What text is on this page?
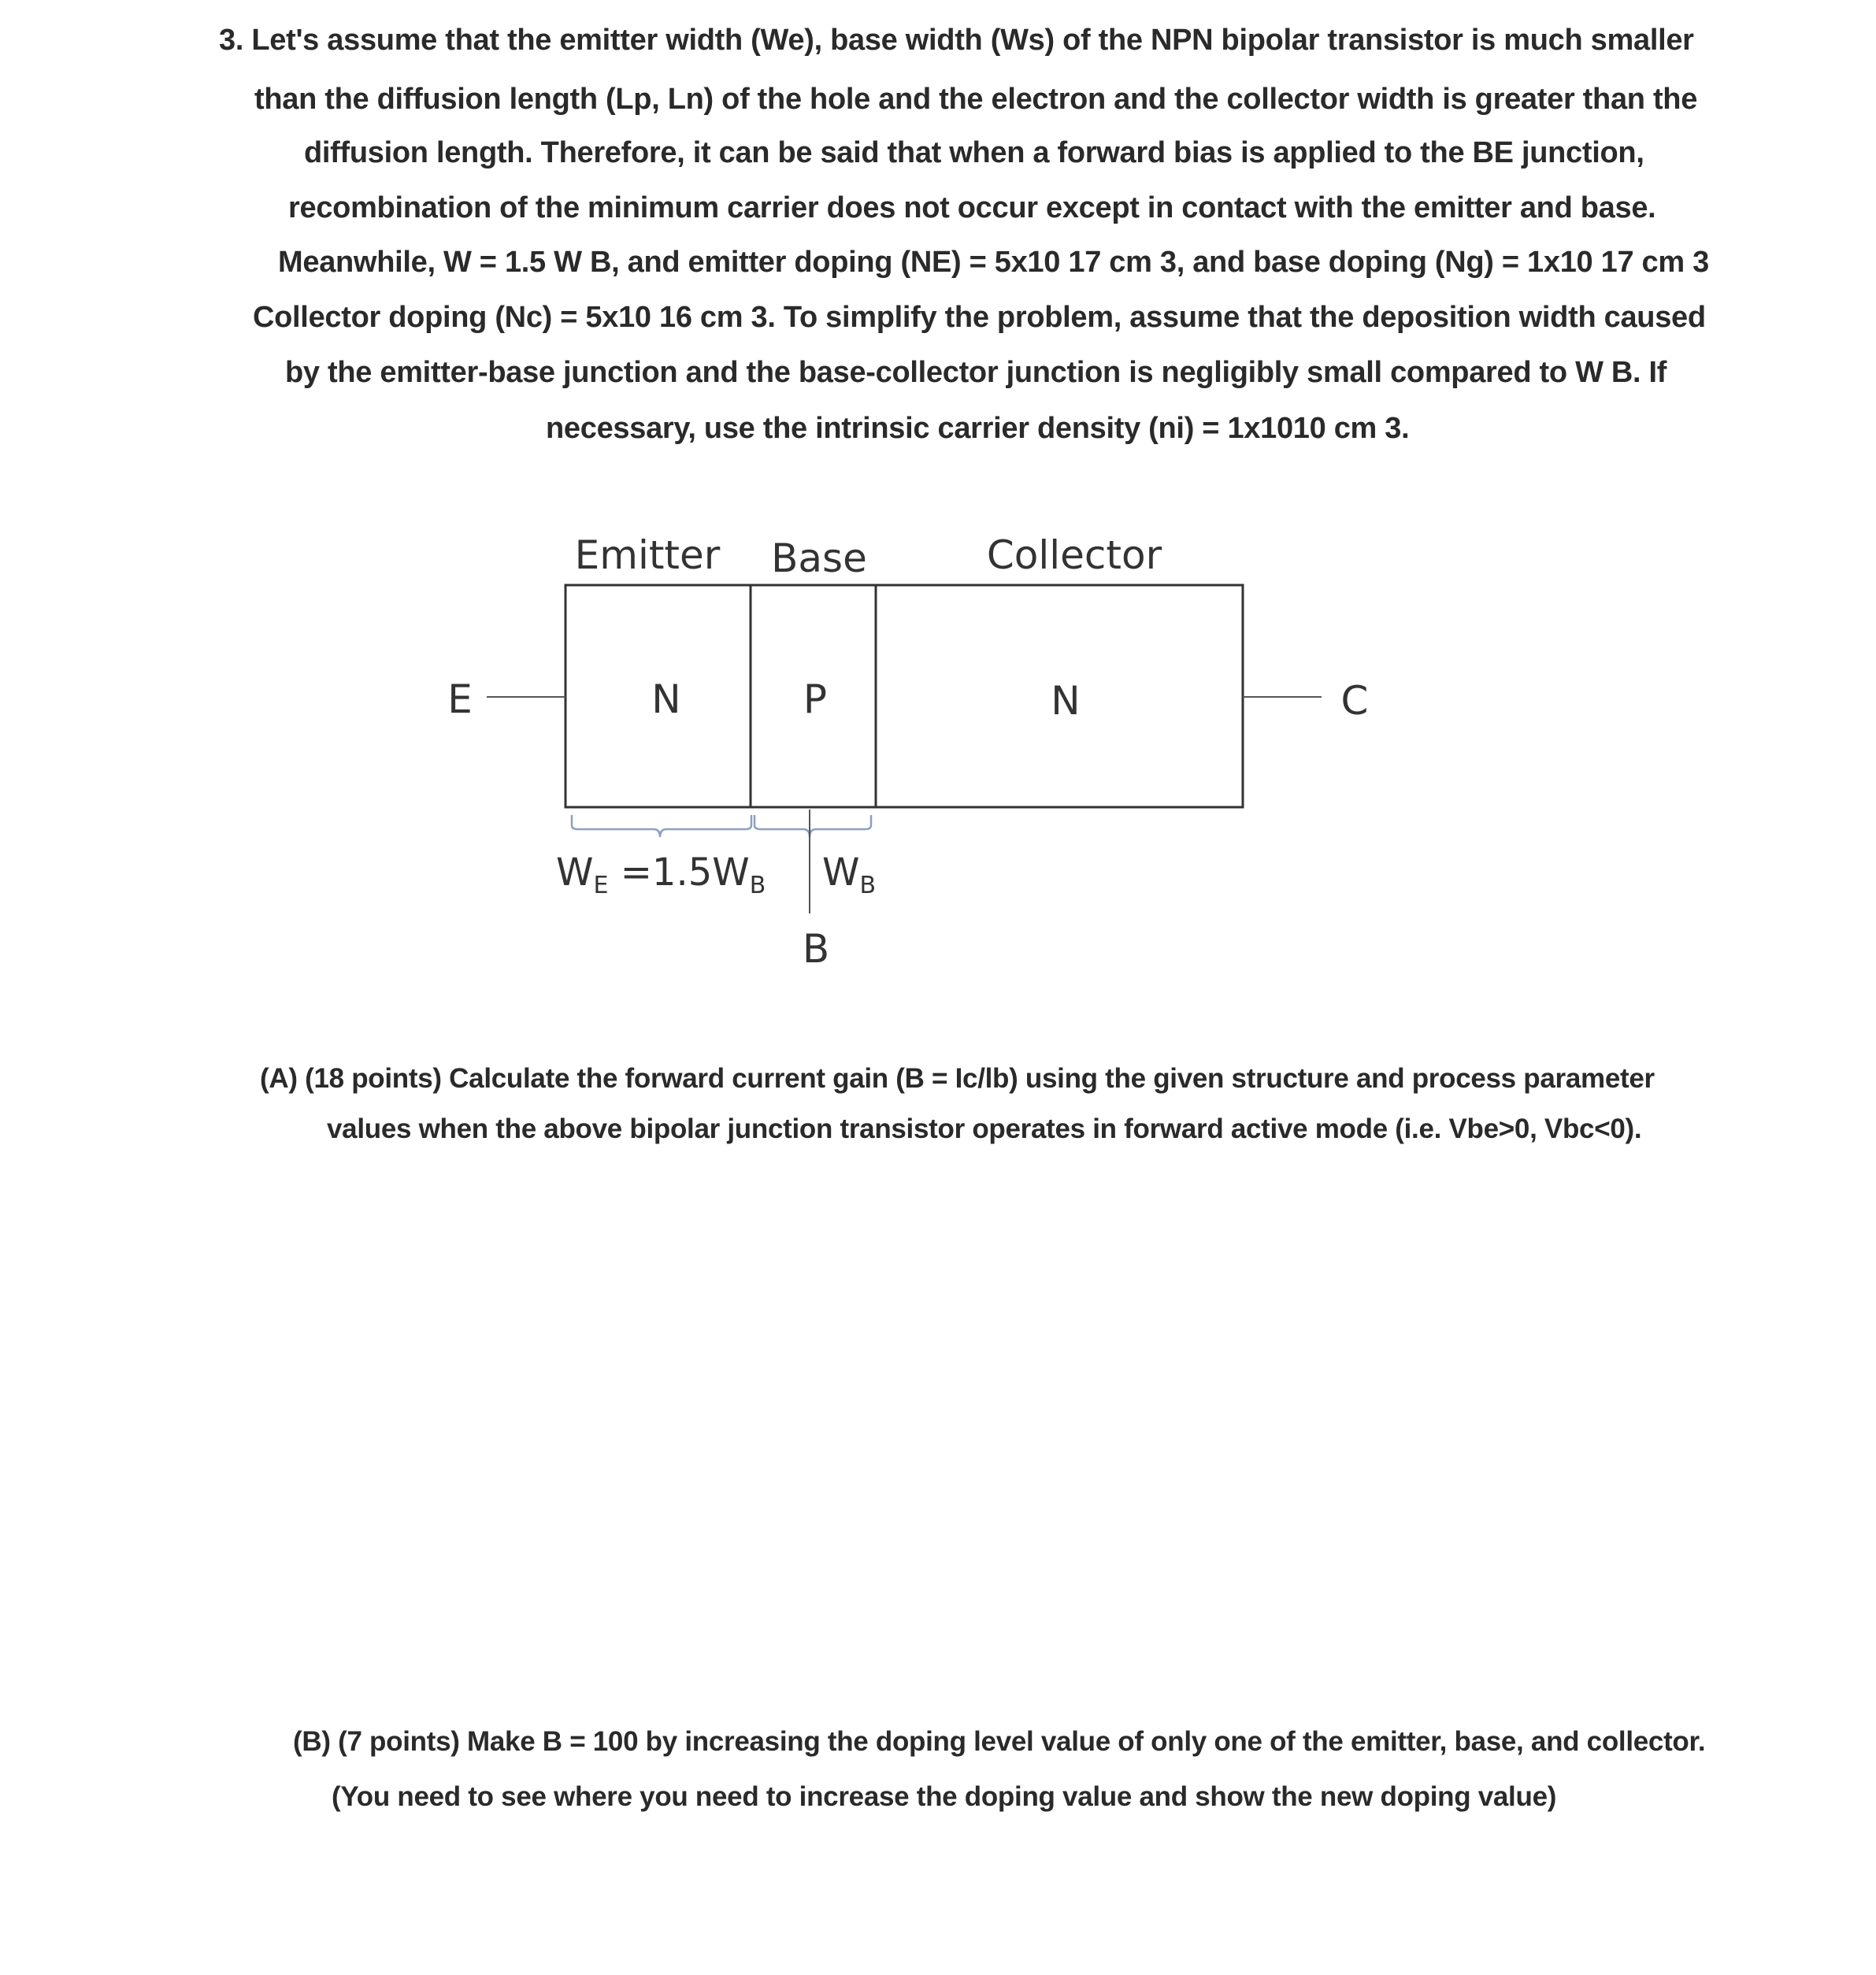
3. Let's assume that the emitter width (We), base width (Ws) of the NPN bipolar transistor is much smaller
than the diffusion length (Lp, Ln) of the hole and the electron and the collector width is greater than the
diffusion length. Therefore, it can be said that when a forward bias is applied to the BE junction,
recombination of the minimum carrier does not occur except in contact with the emitter and base.
Meanwhile, W = 1.5 W B, and emitter doping (NE) = 5x10 17 cm 3, and base doping (Ng) = 1x10 17 cm 3
Collector doping (Nc) = 5x10 16 cm 3. To simplify the problem, assume that the deposition width caused
by the emitter-base junction and the base-collector junction is negligibly small compared to W B. If
necessary, use the intrinsic carrier density (ni) = 1x1010 cm 3.
Emitter Base	Collector
N	P	N
E	C
$W_E =1.5W_B$ $W_B$
B
(A) (18 points) Calculate the forward current gain (B = Ic/lb) using the given structure and process parameter
values when the above bipolar junction transistor operates in forward active mode (i.e. Vbe>0, Vbc<0).
(B) (7 points) Make B = 100 by increasing the doping level value of only one of the emitter, base, and collector.
(You need to see where you need to increase the doping value and show the new doping value)
